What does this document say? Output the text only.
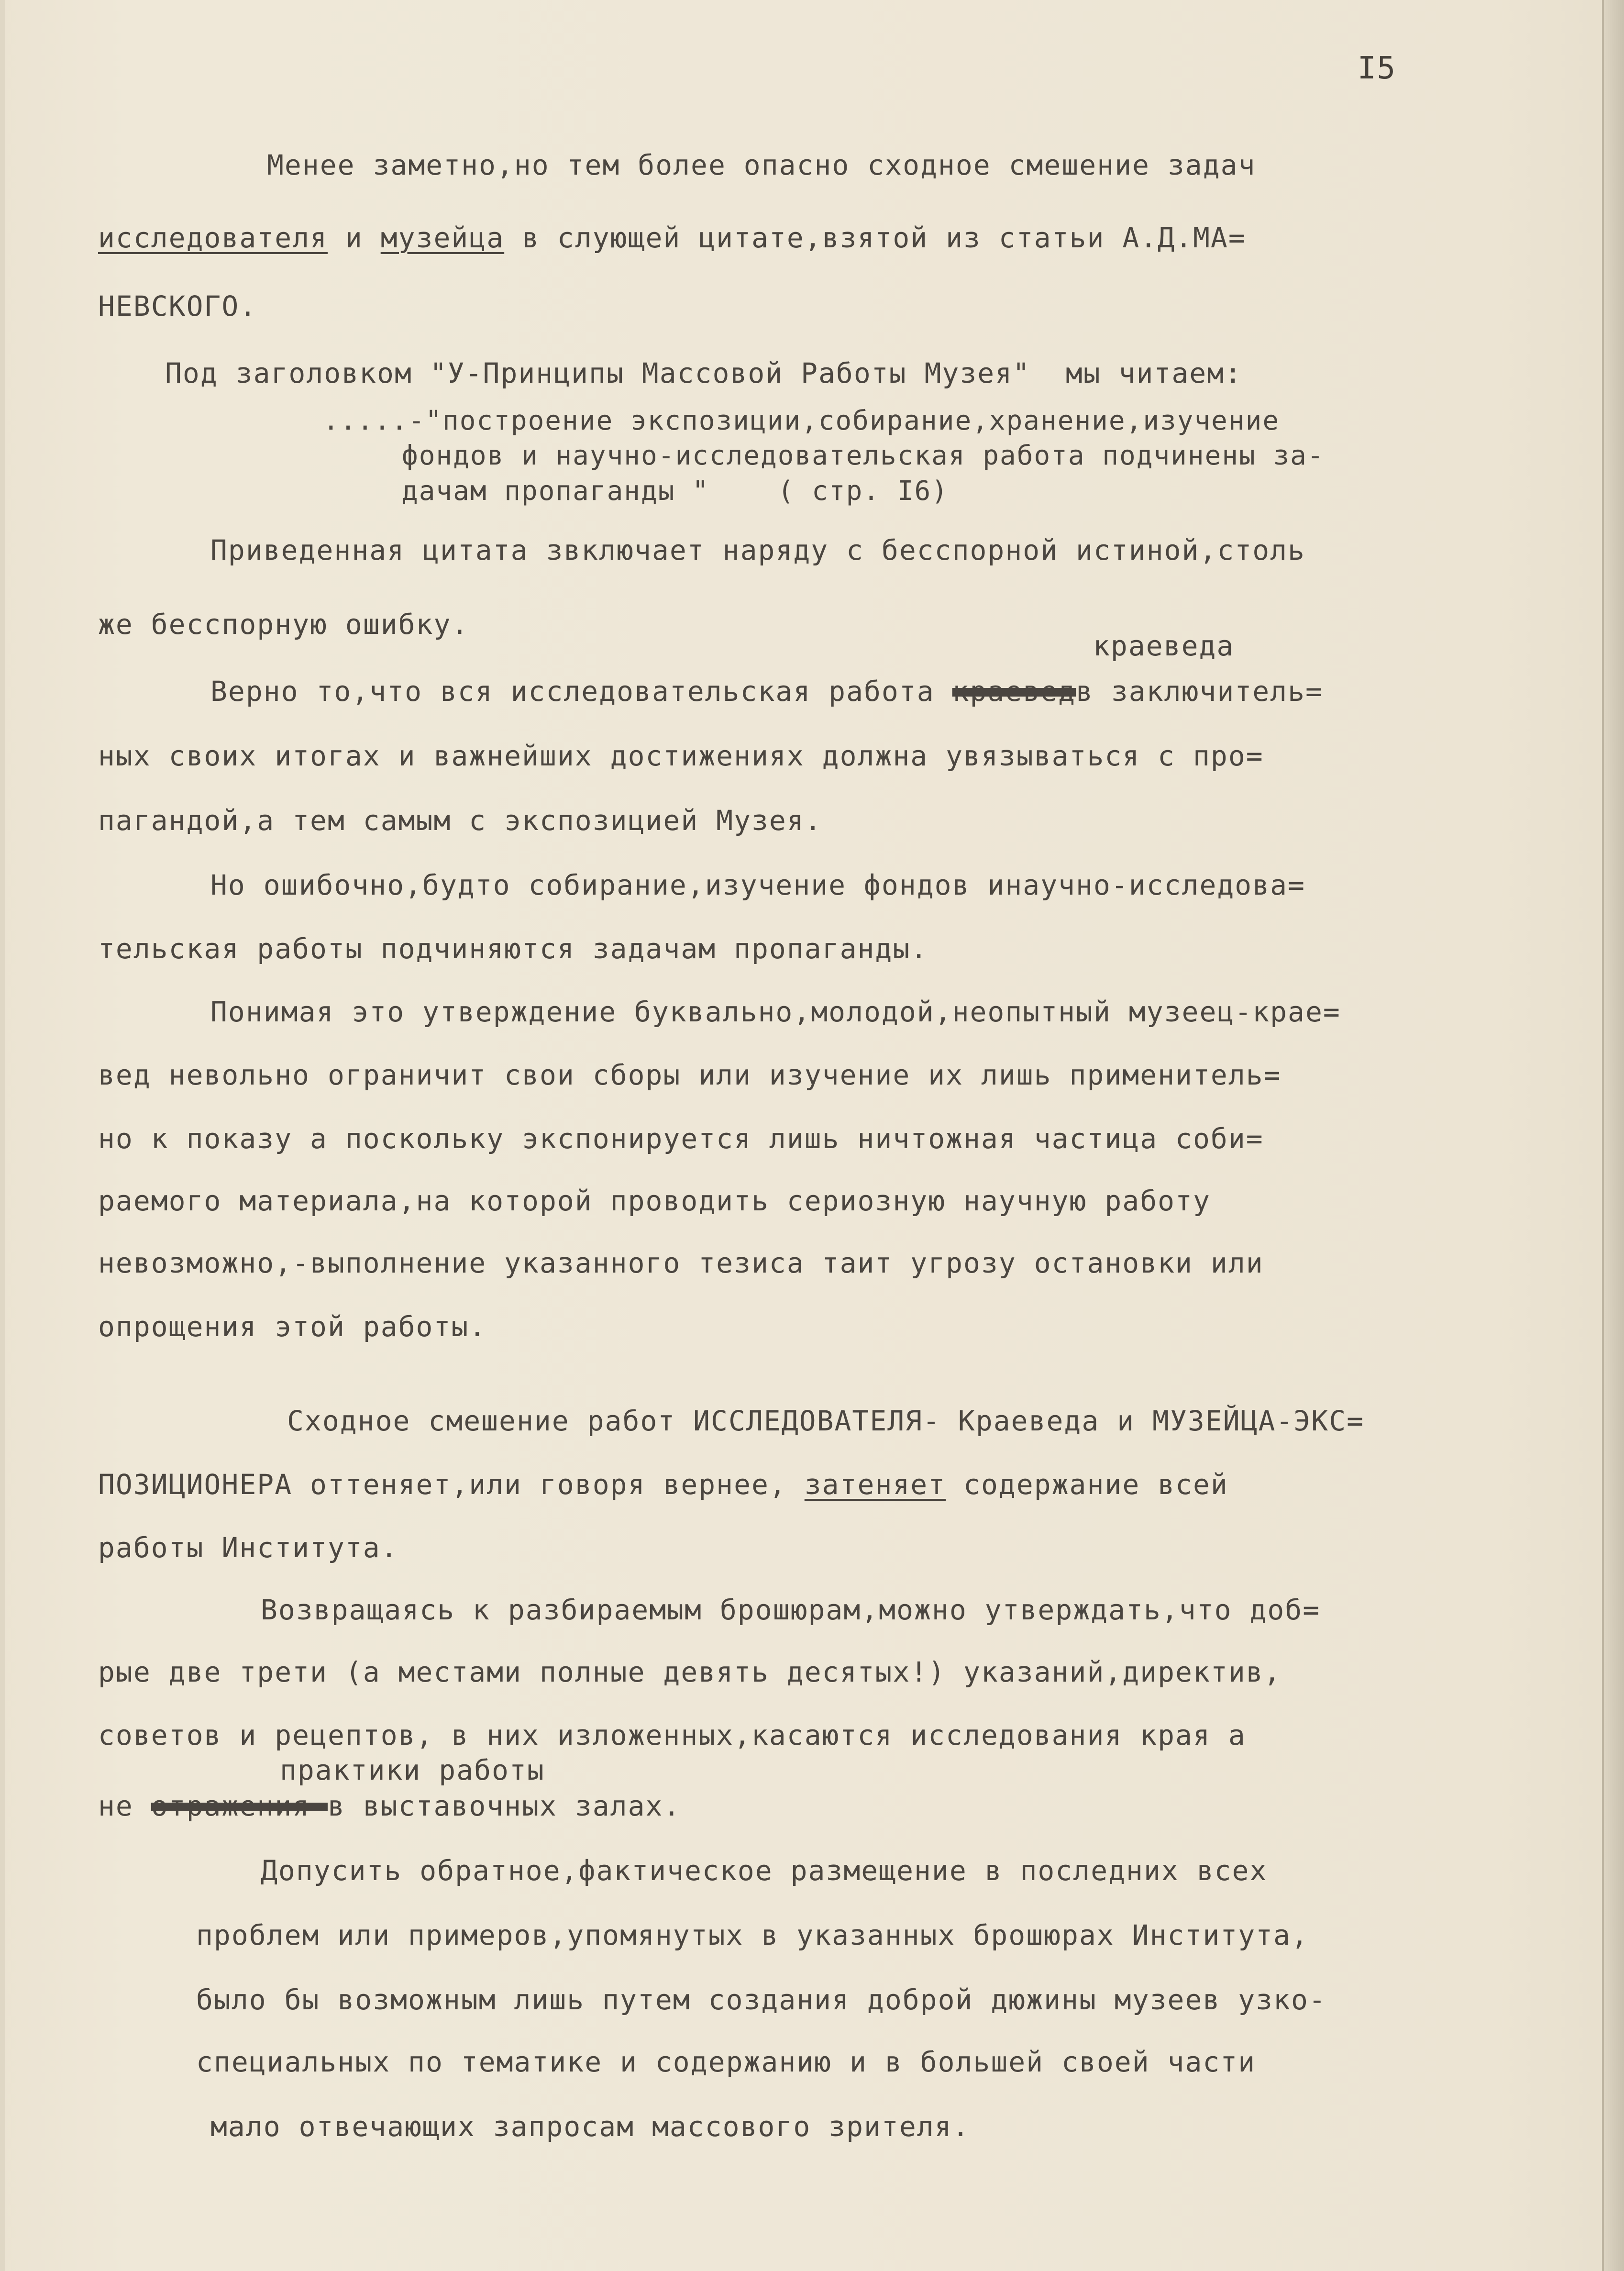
I5
Менее заметно,но тем более опасно сходное смешение задач
исследователя и музейца в слующей цитате,взятой из статьи А.Д.МА=
НЕВСКОГО.
Под заголовком "У-Принципы Массовой Работы Музея"  мы читаем:
.....-"построение экспозиции,собирание,хранение,изучение
фондов и научно-исследовательская работа подчинены за-
дачам пропаганды "    ( стр. I6)
Приведенная цитата звключает наряду с бесспорной истиной,столь
же бесспорную ошибку.
краеведа
Верно то,что вся исследовательская работа краеведв заключитель=
ных своих итогах и важнейших достижениях должна увязываться с про=
пагандой,а тем самым с экспозицией Музея.
Но ошибочно,будто собирание,изучение фондов инаучно-исследова=
тельская работы подчиняются задачам пропаганды.
Понимая это утверждение буквально,молодой,неопытный музеец-крае=
вед невольно ограничит свои сборы или изучение их лишь применитель=
но к показу а поскольку экспонируется лишь ничтожная частица соби=
раемого материала,на которой проводить сериозную научную работу
невозможно,-выполнение указанного тезиса таит угрозу остановки или
опрощения этой работы.
Сходное смешение работ ИССЛЕДОВАТЕЛЯ- Краеведа и МУЗЕЙЦА-ЭКС=
ПОЗИЦИОНЕРА оттеняет,или говоря вернее, затеняет содержание всей
работы Института.
Возвращаясь к разбираемым брошюрам,можно утверждать,что доб=
рые две трети (а местами полные девять десятых!) указаний,директив,
советов и рецептов, в них изложенных,касаются исследования края а
практики работы
не отражения в выставочных залах.
Допусить обратное,фактическое размещение в последних всех
проблем или примеров,упомянутых в указанных брошюрах Института,
было бы возможным лишь путем создания доброй дюжины музеев узко-
специальных по тематике и содержанию и в большей своей части
мало отвечающих запросам массового зрителя.
